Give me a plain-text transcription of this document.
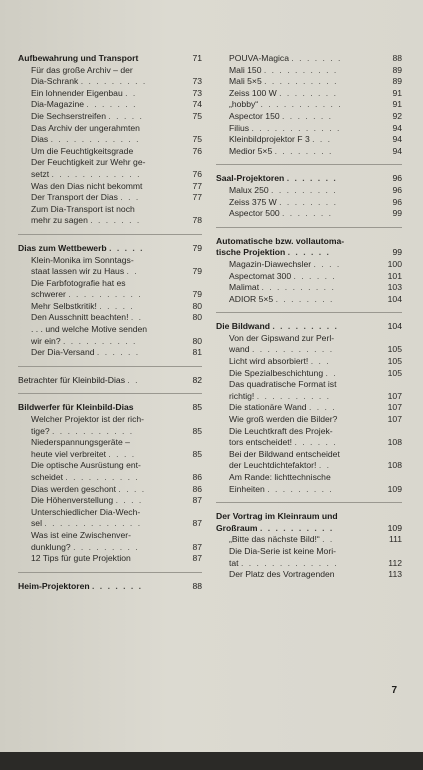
Aufbewahrung und Transport	71
Für das große Archiv – der
Dia-Schrank . . . . . . . . .	73
Ein lohnender Eigenbau . .	73
Dia-Magazine . . . . . . .	74
Die Sechserstreifen . . . . .	75
Das Archiv der ungerahmten
Dias . . . . . . . . . . . .	75
Um die Feuchtigkeitsgrade	76
Der Feuchtigkeit zur Wehr ge-
setzt . . . . . . . . . . . .	76
Was den Dias nicht bekommt	77
Der Transport der Dias . . .	77
Zum Dia-Transport ist noch
mehr zu sagen . . . . . . .	78
Dias zum Wettbewerb . . . . .	79
Klein-Monika im Sonntags-
staat lassen wir zu Haus . .	79
Die Farbfotografie hat es
schwerer . . . . . . . . . .	79
Mehr Selbstkritik! . . . . .	80
Den Ausschnitt beachten! . .	80
. . . und welche Motive senden
wir ein? . . . . . . . . . .	80
Der Dia-Versand . . . . . .	81
Betrachter für Kleinbild-Dias . .	82
Bildwerfer für Kleinbild-Dias	85
Welcher Projektor ist der rich-
tige? . . . . . . . . . . .	85
Niederspannungsgeräte –
heute viel verbreitet . . . .	85
Die optische Ausrüstung ent-
scheidet . . . . . . . . . .	86
Dias werden geschont . . . .	86
Die Höhenverstellung . . . .	87
Unterschiedlicher Dia-Wech-
sel . . . . . . . . . . . . .	87
Was ist eine Zwischenver-
dunklung? . . . . . . . . .	87
12 Tips für gute Projektion	87
Heim-Projektoren . . . . . . .	88
POUVA-Magica . . . . . . .	88
Mali 150 . . . . . . . . . .	89
Mali 5×5 . . . . . . . . . .	89
Zeiss 100 W . . . . . . . .	91
„hobby“ . . . . . . . . . . .	91
Aspector 150 . . . . . . .	92
Filius . . . . . . . . . . . .	94
Kleinbildprojektor F 3 . . .	94
Medior 5×5 . . . . . . . .	94
Saal-Projektoren . . . . . . .	96
Malux 250 . . . . . . . . .	96
Zeiss 375 W . . . . . . . .	96
Aspector 500 . . . . . . .	99
Automatische bzw. vollautoma-
tische Projektion . . . . . .	99
Magazin-Diawechsler . . . .	100
Aspectomat 300 . . . . . .	101
Malimat . . . . . . . . . .	103
ADIOR 5×5 . . . . . . . .	104
Die Bildwand . . . . . . . . .	104
Von der Gipswand zur Perl-
wand . . . . . . . . . . .	105
Licht wird absorbiert! . . .	105
Die Spezialbeschichtung . .	105
Das quadratische Format ist
richtig! . . . . . . . . . .	107
Die stationäre Wand . . . .	107
Wie groß werden die Bilder?	107
Die Leuchtkraft des Projek-
tors entscheidet! . . . . . .	108
Bei der Bildwand entscheidet
der Leuchtdichtefaktor! . .	108
Am Rande: lichttechnische
Einheiten . . . . . . . . .	109
Der Vortrag im Kleinraum und
Großraum . . . . . . . . . .	109
„Bitte das nächste Bild!“ . .	111
Die Dia-Serie ist keine Mori-
tat . . . . . . . . . . . . .	112
Der Platz des Vortragenden	113
7
